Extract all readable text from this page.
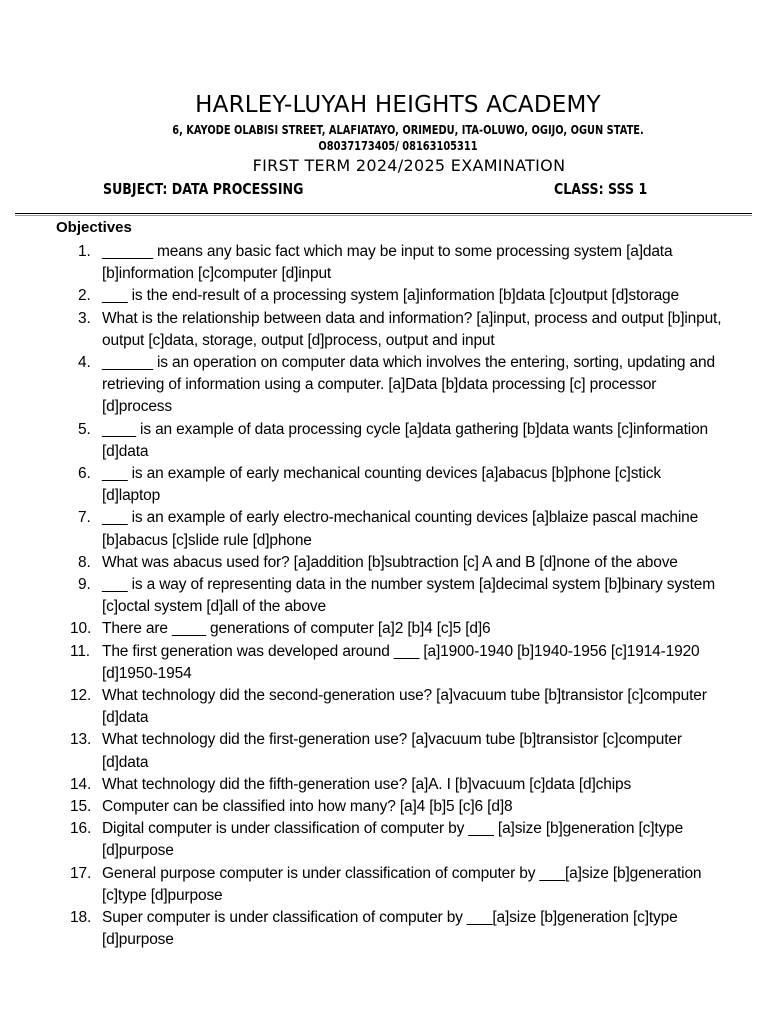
HARLEY-LUYAH HEIGHTS ACADEMY
6, KAYODE OLABISI STREET, ALAFIATAYO, ORIMEDU, ITA-OLUWO, OGIJO, OGUN STATE.
O8037173405/ 08163105311
FIRST TERM 2024/2025 EXAMINATION
SUBJECT: DATA PROCESSING	CLASS: SSS 1
Objectives
1. ______ means any basic fact which may be input to some processing system [a]data [b]information [c]computer [d]input
2. ___ is the end-result of a processing system [a]information [b]data [c]output [d]storage
3. What is the relationship between data and information? [a]input, process and output [b]input, output [c]data, storage, output [d]process, output and input
4. ______ is an operation on computer data which involves the entering, sorting, updating and retrieving of information using a computer. [a]Data [b]data processing [c] processor [d]process
5. ____ is an example of data processing cycle [a]data gathering [b]data wants [c]information [d]data
6. ___ is an example of early mechanical counting devices [a]abacus [b]phone [c]stick [d]laptop
7. ___ is an example of early electro-mechanical counting devices [a]blaize pascal machine [b]abacus [c]slide rule [d]phone
8. What was abacus used for? [a]addition [b]subtraction [c] A and B [d]none of the above
9. ___ is a way of representing data in the number system [a]decimal system [b]binary system [c]octal system [d]all of the above
10. There are ____ generations of computer [a]2 [b]4 [c]5 [d]6
11. The first generation was developed around ___ [a]1900-1940 [b]1940-1956 [c]1914-1920 [d]1950-1954
12. What technology did the second-generation use? [a]vacuum tube [b]transistor [c]computer [d]data
13. What technology did the first-generation use? [a]vacuum tube [b]transistor [c]computer [d]data
14. What technology did the fifth-generation use? [a]A. I [b]vacuum [c]data [d]chips
15. Computer can be classified into how many? [a]4 [b]5 [c]6 [d]8
16. Digital computer is under classification of computer by ___ [a]size [b]generation [c]type [d]purpose
17. General purpose computer is under classification of computer by ___[a]size [b]generation [c]type [d]purpose
18. Super computer is under classification of computer by ___[a]size [b]generation [c]type [d]purpose
